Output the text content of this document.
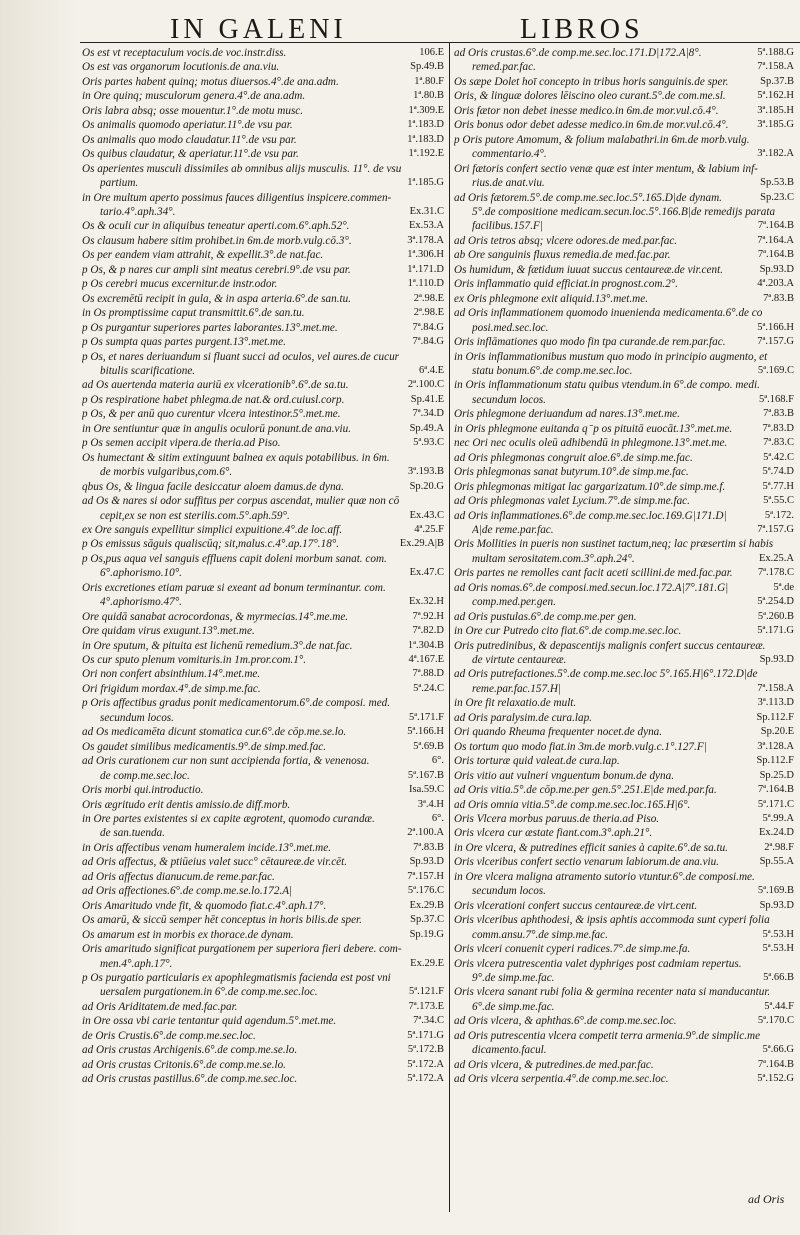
IN GALENI	LIBROS
Os est vt receptaculum vocis.de voc.instr.diss.	106.E
Os est vas organorum locutionis.de ana.viu.	Sp.49.B
Oris partes habent quinq; motus diuersos.4°.de ana.adm.	1ª.80.F
in Ore quinq; musculorum genera.4°.de ana.adm.	1ª.80.B
Oris labra absq; osse mouentur.1°.de motu musc.	1ª.309.E
Os animalis quomodo aperiatur.11°.de vsu par.	1ª.183.D
Os animalis quo modo claudatur.11°.de vsu par.	1ª.183.D
Os quibus claudatur, & aperiatur.11°.de vsu par.	1ª.192.E
Os aperientes musculi dissimiles ab omnibus alijs musculis. 11°. de vsu
partium.	1ª.185.G
in Ore multum aperto possimus fauces diligentius inspicere.commen-
tario.4°.aph.34°.	Ex.31.C
Os & oculi cur in aliquibus teneatur aperti.com.6°.aph.52°.	Ex.53.A
Os clausum habere sitim prohibet.in 6m.de morb.vulg.cō.3°.	3ª.178.A
Os per eandem viam attrahit, & expellit.3°.de nat.fac.	1ª.306.H
p Os, & p nares cur ampli sint meatus cerebri.9°.de vsu par.	1ª.171.D
p Os cerebri mucus excernitur.de instr.odor.	1ª.110.D
Os excremētū recipit in gula, & in aspa arteria.6°.de san.tu.	2ª.98.E
in Os promptissime caput transmittit.6°.de san.tu.	2ª.98.E
p Os purgantur superiores partes laborantes.13°.met.me.	7ª.84.G
p Os sumpta quas partes purgent.13°.met.me.	7ª.84.G
p Os, et nares deriuandum si fluant succi ad oculos, vel aures.de cucur
bitulis scarificatione.	6ª.4.E
ad Os auertenda materia auriū ex vlcerationib°.6°.de sa.tu.	2ª.100.C
p Os respiratione habet phlegma.de nat.& ord.cuiusl.corp.	Sp.41.E
p Os, & per anū quo curentur vlcera intestinor.5°.met.me.	7ª.34.D
in Ore sentiuntur quæ in angulis oculorū ponunt.de ana.viu.	Sp.49.A
p Os semen accipit vipera.de theria.ad Piso.	5ª.93.C
Os humectant & sitim extinguunt balnea ex aquis potabilibus. in 6m.
de morbis vulgaribus,com.6°.	3ª.193.B
qbus Os, & lingua facile desiccatur aloem damus.de dyna.	Sp.20.G
ad Os & nares si odor suffitus per corpus ascendat, mulier quæ non cō
cepit,ex se non est sterilis.com.5°.aph.59°.	Ex.43.C
ex Ore sanguis expellitur simplici expuitione.4°.de loc.aff.	4ª.25.F
p Os emissus sāguis qualiscūq; sit,malus.c.4°.ap.17°.18°.	Ex.29.A|B
p Os,pus aqua vel sanguis effluens capit doleni morbum sanat. com.
6°.aphorismo.10°.	Ex.47.C
Oris excretiones etiam paruæ si exeant ad bonum terminantur. com.
4°.aphorismo.47°.	Ex.32.H
Ore quidā sanabat acrocordonas, & myrmecias.14°.me.me.	7ª.92.H
Ore quidam virus exugunt.13°.met.me.	7ª.82.D
in Ore sputum, & pituita est lichenū remedium.3°.de nat.fac.	1ª.304.B
Os cur sputo plenum vomituris.in 1m.pror.com.1°.	4ª.167.E
Ori non confert absinthium.14°.met.me.	7ª.88.D
Ori frigidum mordax.4°.de simp.me.fac.	5ª.24.C
p Oris affectibus gradus ponit medicamentorum.6°.de composi. med.
secundum locos.	5ª.171.F
ad Os medicamēta dicunt stomatica cur.6°.de cōp.me.se.lo.	5ª.166.H
Os gaudet similibus medicamentis.9°.de simp.med.fac.	5ª.69.B
ad Oris curationem cur non sunt accipienda fortia, & venenosa.	6°.
de comp.me.sec.loc.	5ª.167.B
Oris morbi qui.introductio.	Isa.59.C
Oris ægritudo erit dentis amissio.de diff.morb.	3ª.4.H
in Ore partes existentes si ex capite ægrotent, quomodo curandæ.	6°.
de san.tuenda.	2ª.100.A
in Oris affectibus venam humeralem incide.13°.met.me.	7ª.83.B
ad Oris affectus, & ptiūeius valet succ° cētaureæ.de vir.cēt.	Sp.93.D
ad Oris affectus dianucum.de reme.par.fac.	7ª.157.H
ad Oris affectiones.6°.de comp.me.se.lo.172.A|	5ª.176.C
Oris Amaritudo vnde fit, & quomodo fiat.c.4°.aph.17°.	Ex.29.B
Os amarū, & siccū semper hēt conceptus in horis bilis.de sper.	Sp.37.C
Os amarum est in morbis ex thorace.de dynam.	Sp.19.G
Oris amaritudo significat purgationem per superiora fieri debere. com-
men.4°.aph.17°.	Ex.29.E
p Os purgatio particularis ex apophlegmatismis facienda est post vni
uersalem purgationem.in 6°.de comp.me.sec.loc.	5ª.121.F
ad Oris Ariditatem.de med.fac.par.	7ª.173.E
in Ore ossa vbi carie tentantur quid agendum.5°.met.me.	7ª.34.C
de Oris Crustis.6°.de comp.me.sec.loc.	5ª.171.G
ad Oris crustas Archigenis.6°.de comp.me.se.lo.	5ª.172.B
ad Oris crustas Critonis.6°.de comp.me.se.lo.	5ª.172.A
ad Oris crustas pastillus.6°.de comp.me.sec.loc.	5ª.172.A
ad Oris crustas.6°.de comp.me.sec.loc.171.D|172.A|8°.	5ª.188.G
remed.par.fac.	7ª.158.A
Os sæpe Dolet hoī concepto in tribus horis sanguinis.de sper.	Sp.37.B
Oris, & linguæ dolores lēiscino oleo curant.5°.de com.me.sl.	5ª.162.H
Oris fætor non debet inesse medico.in 6m.de mor.vul.cō.4°.	3ª.185.H
Oris bonus odor debet adesse medico.in 6m.de mor.vul.cō.4°.	3ª.185.G
p Oris putore Amomum, & folium malabathri.in 6m.de morb.vulg.
commentario.4°.	3ª.182.A
Ori fætoris confert sectio venæ quæ est inter mentum, & labium inf-
rius.de anat.viu.	Sp.53.B
ad Oris fætorem.5°.de comp.me.sec.loc.5°.165.D|de dynam.	Sp.23.C
5°.de compositione medicam.secun.loc.5°.166.B|de remedijs parata
facilibus.157.F|	7ª.164.B
ad Oris tetros absq; vlcere odores.de med.par.fac.	7ª.164.A
ab Ore sanguinis fluxus remedia.de med.fac.par.	7ª.164.B
Os humidum, & fætidum iuuat succus centaureæ.de vir.cent.	Sp.93.D
Oris inflammatio quid efficiat.in prognost.com.2°.	4ª.203.A
ex Oris phlegmone exit aliquid.13°.met.me.	7ª.83.B
ad Oris inflammationem quomodo inuenienda medicamenta.6°.de co
posi.med.sec.loc.	5ª.166.H
Oris inflāmationes quo modo fin tpa curande.de rem.par.fac.	7ª.157.G
in Oris inflammationibus mustum quo modo in principio augmento, et
statu bonum.6°.de comp.me.sec.loc.	5ª.169.C
in Oris inflammationum statu quibus vtendum.in 6°.de compo. medi.
secundum locos.	5ª.168.F
Oris phlegmone deriuandum ad nares.13°.met.me.	7ª.83.B
in Oris phlegmone euitanda q ̄ p os pituitā euocāt.13°.met.me.	7ª.83.D
nec Ori nec oculis oleū adhibendū in phlegmone.13°.met.me.	7ª.83.C
ad Oris phlegmonas congruit aloe.6°.de simp.me.fac.	5ª.42.C
Oris phlegmonas sanat butyrum.10°.de simp.me.fac.	5ª.74.D
Oris phlegmonas mitigat lac gargarizatum.10°.de simp.me.f.	5ª.77.H
ad Oris phlegmonas valet Lycium.7°.de simp.me.fac.	5ª.55.C
ad Oris inflammationes.6°.de comp.me.sec.loc.169.G|171.D|	5ª.172.
A|de reme.par.fac.	7ª.157.G
Oris Mollities in pueris non sustinet tactum,neq; lac præsertim si habis
multam serositatem.com.3°.aph.24°.	Ex.25.A
Oris partes ne remolles cant facit aceti scillini.de med.fac.par.	7ª.178.C
ad Oris nomas.6°.de composi.med.secun.loc.172.A|7°.181.G|	5ª.de
comp.med.per.gen.	5ª.254.D
ad Oris pustulas.6°.de comp.me.per gen.	5ª.260.B
in Ore cur Putredo cito fiat.6°.de comp.me.sec.loc.	5ª.171.G
Oris putredinibus, & depascentijs malignis confert succus centaureæ.
de virtute centaureæ.	Sp.93.D
ad Oris putrefactiones.5°.de comp.me.sec.loc 5°.165.H|6°.172.D|de
reme.par.fac.157.H|	7ª.158.A
in Ore fit relaxatio.de mult.	3ª.113.D
ad Oris paralysim.de cura.lap.	Sp.112.F
Ori quando Rheuma frequenter nocet.de dyna.	Sp.20.E
Os tortum quo modo fiat.in 3m.de morb.vulg.c.1°.127.F|	3ª.128.A
Oris torturæ quid valeat.de cura.lap.	Sp.112.F
Oris vitio aut vulneri vnguentum bonum.de dyna.	Sp.25.D
ad Oris vitia.5°.de cōp.me.per gen.5°.251.E|de med.par.fa.	7ª.164.B
ad Oris omnia vitia.5°.de comp.me.sec.loc.165.H|6°.	5ª.171.C
Oris Vlcera morbus paruus.de theria.ad Piso.	5ª.99.A
Oris vlcera cur æstate fiant.com.3°.aph.21°.	Ex.24.D
in Ore vlcera, & putredines efficit sanies à capite.6°.de sa.tu.	2ª.98.F
Oris vlceribus confert sectio venarum labiorum.de ana.viu.	Sp.55.A
in Ore vlcera maligna atramento sutorio vtuntur.6°.de composi.me.
secundum locos.	5ª.169.B
Oris vlcerationi confert succus centaureæ.de virt.cent.	Sp.93.D
Oris vlceribus aphthodesi, & ipsis aphtis accommoda sunt cyperi folia
comm.ansu.7°.de simp.me.fac.	5ª.53.H
Oris vlceri conuenit cyperi radices.7°.de simp.me.fa.	5ª.53.H
Oris vlcera putrescentia valet dyphriges post cadmiam repertus.
9°.de simp.me.fac.	5ª.66.B
Oris vlcera sanant rubi folia & germina recenter nata si manducantur.
6°.de simp.me.fac.	5ª.44.F
ad Oris vlcera, & aphthas.6°.de comp.me.sec.loc.	5ª.170.C
ad Oris putrescentia vlcera competit terra armenia.9°.de simplic.me
dicamento.facul.	5ª.66.G
ad Oris vlcera, & putredines.de med.par.fac.	7ª.164.B
ad Oris vlcera serpentia.4°.de comp.me.sec.loc.	5ª.152.G
ad Oris
